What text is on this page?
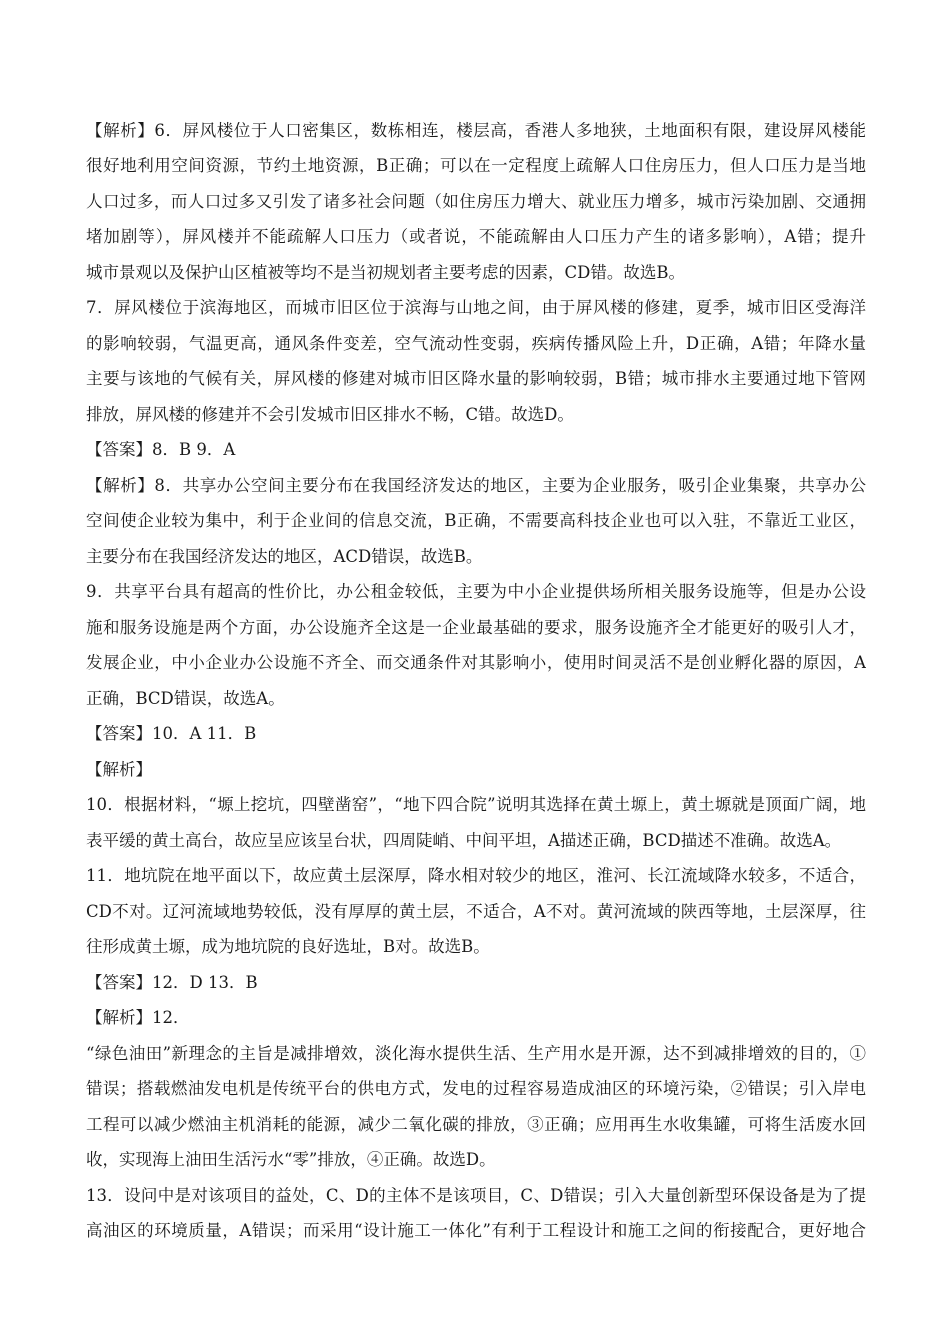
【解析】6．屏风楼位于人口密集区，数栋相连，楼层高，香港人多地狭，土地面积有限，建设屏风楼能
很好地利用空间资源，节约土地资源，B正确；可以在一定程度上疏解人口住房压力，但人口压力是当地
人口过多，而人口过多又引发了诸多社会问题（如住房压力增大、就业压力增多，城市污染加剧、交通拥
堵加剧等），屏风楼并不能疏解人口压力（或者说，不能疏解由人口压力产生的诸多影响），A错；提升
城市景观以及保护山区植被等均不是当初规划者主要考虑的因素，CD错。故选B。
7．屏风楼位于滨海地区，而城市旧区位于滨海与山地之间，由于屏风楼的修建，夏季，城市旧区受海洋
的影响较弱，气温更高，通风条件变差，空气流动性变弱，疾病传播风险上升，D正确，A错；年降水量
主要与该地的气候有关，屏风楼的修建对城市旧区降水量的影响较弱，B错；城市排水主要通过地下管网
排放，屏风楼的修建并不会引发城市旧区排水不畅，C错。故选D。
【答案】8．B 9．A
【解析】8．共享办公空间主要分布在我国经济发达的地区，主要为企业服务，吸引企业集聚，共享办公
空间使企业较为集中，利于企业间的信息交流，B正确，不需要高科技企业也可以入驻，不靠近工业区，
主要分布在我国经济发达的地区，ACD错误，故选B。
9．共享平台具有超高的性价比，办公租金较低，主要为中小企业提供场所相关服务设施等，但是办公设
施和服务设施是两个方面，办公设施齐全这是一企业最基础的要求，服务设施齐全才能更好的吸引人才，
发展企业，中小企业办公设施不齐全、而交通条件对其影响小，使用时间灵活不是创业孵化器的原因，A
正确，BCD错误，故选A。
【答案】10．A 11．B
【解析】
10．根据材料，“塬上挖坑，四壁凿窑”，“地下四合院”说明其选择在黄土塬上，黄土塬就是顶面广阔，地
表平缓的黄土高台，故应呈应该呈台状，四周陡峭、中间平坦，A描述正确，BCD描述不准确。故选A。
11．地坑院在地平面以下，故应黄土层深厚，降水相对较少的地区，淮河、长江流域降水较多，不适合，
CD不对。辽河流域地势较低，没有厚厚的黄土层，不适合，A不对。黄河流域的陕西等地，土层深厚，往
往形成黄土塬，成为地坑院的良好选址，B对。故选B。
【答案】12．D 13．B
【解析】12．
“绿色油田”新理念的主旨是减排增效，淡化海水提供生活、生产用水是开源，达不到减排增效的目的，①
错误；搭载燃油发电机是传统平台的供电方式，发电的过程容易造成油区的环境污染，②错误；引入岸电
工程可以减少燃油主机消耗的能源，减少二氧化碳的排放，③正确；应用再生水收集罐，可将生活废水回
收，实现海上油田生活污水“零”排放，④正确。故选D。
13．设问中是对该项目的益处，C、D的主体不是该项目，C、D错误；引入大量创新型环保设备是为了提
高油区的环境质量，A错误；而采用“设计施工一体化”有利于工程设计和施工之间的衔接配合，更好地合
